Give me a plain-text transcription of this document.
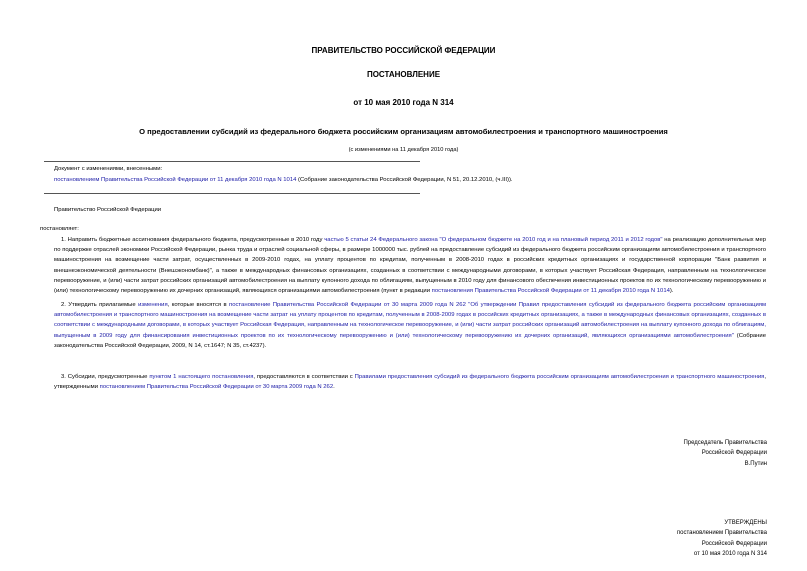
ПРАВИТЕЛЬСТВО РОССИЙСКОЙ ФЕДЕРАЦИИ
ПОСТАНОВЛЕНИЕ
от 10 мая 2010 года N 314
О предоставлении субсидий из федерального бюджета российским организациям автомобилестроения и транспортного машиностроения
(с изменениями на 11 декабря 2010 года)
Документ с изменениями, внесенными:
постановлением Правительства Российской Федерации от 11 декабря 2010 года N 1014 (Собрание законодательства Российской Федерации, N 51, 20.12.2010, (ч.III)).
Правительство Российской Федерации
постановляет:
1. Направить бюджетные ассигнования федерального бюджета, предусмотренные в 2010 году частью 5 статьи 24 Федерального закона "О федеральном бюджете на 2010 год и на плановый период 2011 и 2012 годов" на реализацию дополнительных мер по поддержке отраслей экономики Российской Федерации, рынка труда и отраслей социальной сферы, в размере 1000000 тыс. рублей на предоставление субсидий из федерального бюджета российским организациям автомобилестроения и транспортного машиностроения на возмещение части затрат, осуществленных в 2009-2010 годах, на уплату процентов по кредитам, полученным в 2008-2010 годах в российских кредитных организациях и государственной корпорации "Банк развития и внешнеэкономической деятельности (Внешэкономбанк)", а также в международных финансовых организациях, созданных в соответствии с международными договорами, в которых участвует Российская Федерация, направленным на технологическое перевооружение, и (или) части затрат российских организаций автомобилестроения на выплату купонного дохода по облигациям, выпущенным в 2010 году для финансового обеспечения инвестиционных проектов по их технологическому перевооружению и (или) технологическому перевооружению их дочерних организаций, являющихся организациями автомобилестроения (пункт в редакции постановления Правительства Российской Федерации от 11 декабря 2010 года N 1014).
2. Утвердить прилагаемые изменения, которые вносятся в постановление Правительства Российской Федерации от 30 марта 2009 года N 262 "Об утверждении Правил предоставления субсидий из федерального бюджета российским организациям автомобилестроения и транспортного машиностроения на возмещение части затрат на уплату процентов по кредитам, полученным в 2008-2009 годах в российских кредитных организациях, а также в международных финансовых организациях, созданных в соответствии с международными договорами, в которых участвует Российская Федерация, направленным на технологическое перевооружение, и (или) части затрат российских организаций автомобилестроения на выплату купонного дохода по облигациям, выпущенным в 2009 году для финансирования инвестиционных проектов по их технологическому перевооружению и (или) технологическому перевооружению их дочерних организаций, являющихся организациями автомобилестроения" (Собрание законодательства Российской Федерации, 2009, N 14, ст.1647; N 35, ст.4237).
3. Субсидии, предусмотренные пунктом 1 настоящего постановления, предоставляются в соответствии с Правилами предоставления субсидий из федерального бюджета российским организациям автомобилестроения и транспортного машиностроения, утвержденными постановлением Правительства Российской Федерации от 30 марта 2009 года N 262.
Председатель Правительства
Российской Федерации
В.Путин
УТВЕРЖДЕНЫ
постановлением Правительства
Российской Федерации
от 10 мая 2010 года N 314
